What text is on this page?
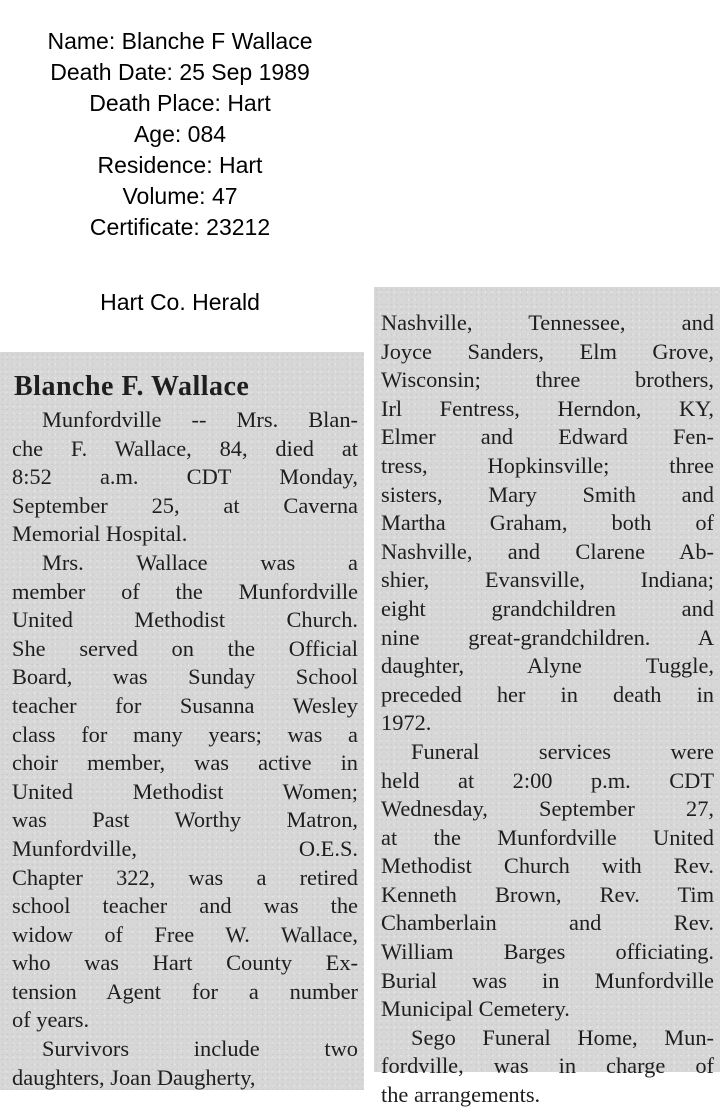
Name: Blanche F Wallace
Death Date: 25 Sep 1989
Death Place: Hart
Age: 084
Residence: Hart
Volume: 47
Certificate: 23212
Hart Co. Herald
Blanche F. Wallace
Munfordville -- Mrs. Blan-
che F. Wallace, 84, died at
8:52 a.m. CDT Monday,
September 25, at Caverna
Memorial Hospital.
Mrs. Wallace was a
member of the Munfordville
United Methodist Church.
She served on the Official
Board, was Sunday School
teacher for Susanna Wesley
class for many years; was a
choir member, was active in
United Methodist Women;
was Past Worthy Matron,
Munfordville, O.E.S.
Chapter 322, was a retired
school teacher and was the
widow of Free W. Wallace,
who was Hart County Ex-
tension Agent for a number
of years.
Survivors include two
daughters, Joan Daugherty,
Nashville, Tennessee, and
Joyce Sanders, Elm Grove,
Wisconsin; three brothers,
Irl Fentress, Herndon, KY,
Elmer and Edward Fen-
tress, Hopkinsville; three
sisters, Mary Smith and
Martha Graham, both of
Nashville, and Clarene Ab-
shier, Evansville, Indiana;
eight grandchildren and
nine great-grandchildren. A
daughter, Alyne Tuggle,
preceded her in death in
1972.
Funeral services were
held at 2:00 p.m. CDT
Wednesday, September 27,
at the Munfordville United
Methodist Church with Rev.
Kenneth Brown, Rev. Tim
Chamberlain and Rev.
William Barges officiating.
Burial was in Munfordville
Municipal Cemetery.
Sego Funeral Home, Mun-
fordville, was in charge of
the arrangements.
